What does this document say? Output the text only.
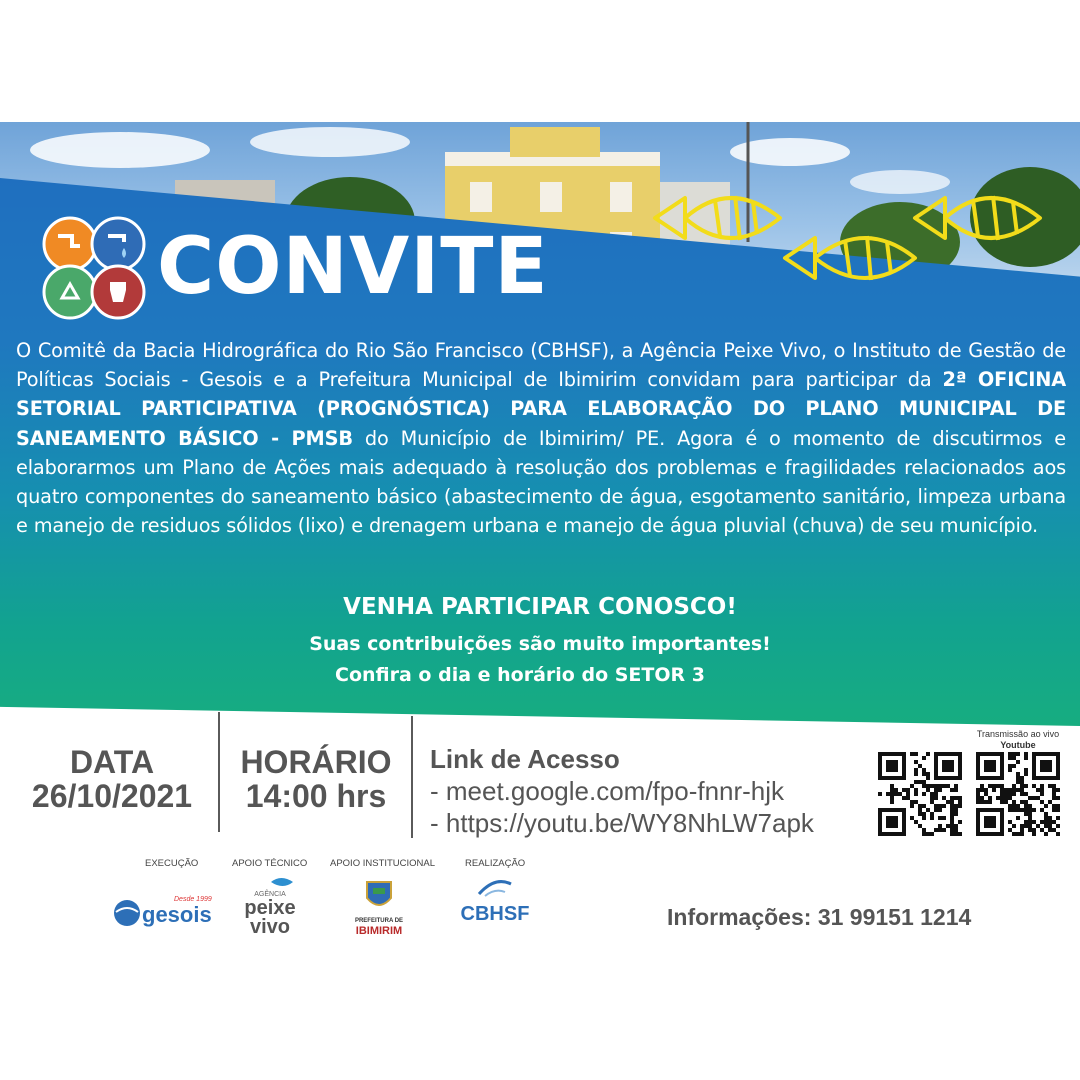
CONVITE
O Comitê da Bacia Hidrográfica do Rio São Francisco (CBHSF), a Agência Peixe Vivo, o Instituto de Gestão de Políticas Sociais - Gesois e a Prefeitura Municipal de Ibimirim convidam para participar da 2ª OFICINA SETORIAL PARTICIPATIVA (PROGNÓSTICA) PARA ELABORAÇÃO DO PLANO MUNICIPAL DE SANEAMENTO BÁSICO - PMSB do Município de Ibimirim/ PE. Agora é o momento de discutirmos e elaborarmos um Plano de Ações mais adequado à resolução dos problemas e fragilidades relacionados aos quatro componentes do saneamento básico (abastecimento de água, esgotamento sanitário, limpeza urbana e manejo de residuos sólidos (lixo) e drenagem urbana e manejo de água pluvial (chuva) de seu município.
VENHA PARTICIPAR CONOSCO!
Suas contribuições são muito importantes!
Confira o dia e horário do SETOR 3
DATA
26/10/2021
HORÁRIO
14:00 hrs
Link de Acesso
- meet.google.com/fpo-fnnr-hjk
- https://youtu.be/WY8NhLW7apk
Transmissão ao vivo
Youtube
EXECUÇÃO	APOIO TÉCNICO APOIO INSTITUCIONAL	REALIZAÇÃO
Desde 1999
gesois
AGÊNCIA
peixe
vivo	PREFEITURA DE
IBIMIRIM
CBHSF	Informações: 31 99151 1214
